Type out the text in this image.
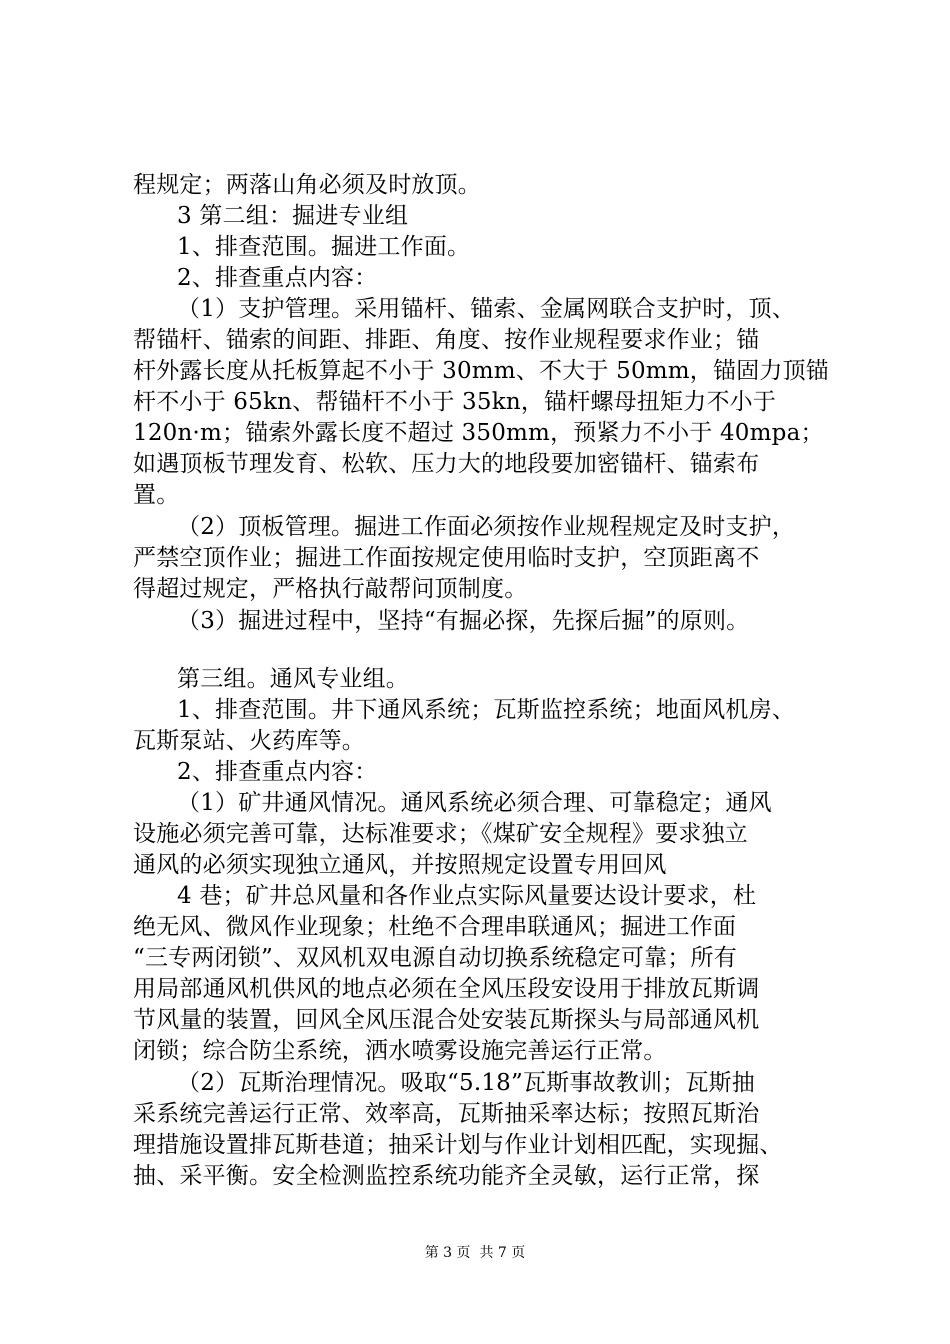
程规定；两落山角必须及时放顶。
3 第二组：掘进专业组
1、排查范围。掘进工作面。
2、排查重点内容：
（1）支护管理。采用锚杆、锚索、金属网联合支护时，顶、
帮锚杆、锚索的间距、排距、角度、按作业规程要求作业；锚
杆外露长度从托板算起不小于 30mm、不大于 50mm，锚固力顶锚
杆不小于 65kn、帮锚杆不小于 35kn，锚杆螺母扭矩力不小于
120n·m；锚索外露长度不超过 350mm，预紧力不小于 40mpa；
如遇顶板节理发育、松软、压力大的地段要加密锚杆、锚索布
置。
（2）顶板管理。掘进工作面必须按作业规程规定及时支护，
严禁空顶作业；掘进工作面按规定使用临时支护，空顶距离不
得超过规定，严格执行敲帮问顶制度。
（3）掘进过程中，坚持“有掘必探，先探后掘”的原则。
第三组。通风专业组。
1、排查范围。井下通风系统；瓦斯监控系统；地面风机房、
瓦斯泵站、火药库等。
2、排查重点内容：
（1）矿井通风情况。通风系统必须合理、可靠稳定；通风
设施必须完善可靠，达标准要求；《煤矿安全规程》要求独立
通风的必须实现独立通风，并按照规定设置专用回风
4 巷；矿井总风量和各作业点实际风量要达设计要求，杜
绝无风、微风作业现象；杜绝不合理串联通风；掘进工作面
“三专两闭锁”、双风机双电源自动切换系统稳定可靠；所有
用局部通风机供风的地点必须在全风压段安设用于排放瓦斯调
节风量的装置，回风全风压混合处安装瓦斯探头与局部通风机
闭锁；综合防尘系统，洒水喷雾设施完善运行正常。
（2）瓦斯治理情况。吸取“5.18”瓦斯事故教训；瓦斯抽
采系统完善运行正常、效率高，瓦斯抽采率达标；按照瓦斯治
理措施设置排瓦斯巷道；抽采计划与作业计划相匹配，实现掘、
抽、采平衡。安全检测监控系统功能齐全灵敏，运行正常，探
第 3 页  共 7 页
